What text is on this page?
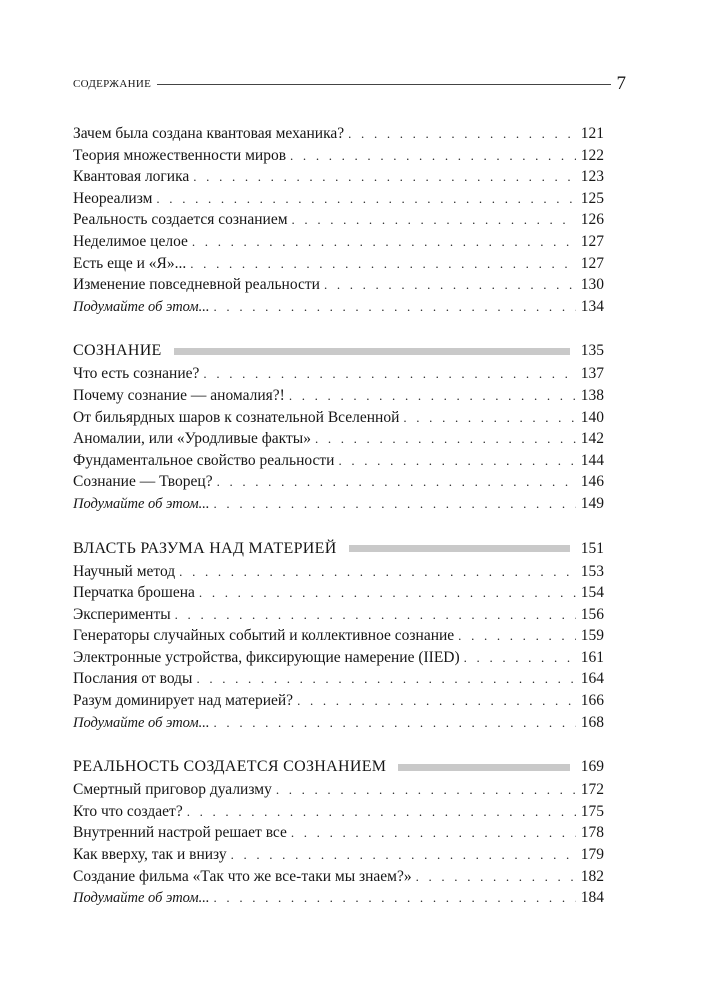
СОДЕРЖАНИЕ	7
Зачем была создана квантовая механика? . . .	121
Теория множественности миров . . .	122
Квантовая логика . . .	123
Неореализм . . .	125
Реальность создается сознанием . . .	126
Неделимое целое . . .	127
Есть еще и «Я»... . . .	127
Изменение повседневной реальности . . .	130
Подумайте об этом... . . .	134
СОЗНАНИЕ	135
Что есть сознание? . . .	137
Почему сознание — аномалия?! . . .	138
От бильярдных шаров к сознательной Вселенной . . .	140
Аномалии, или «Уродливые факты» . . .	142
Фундаментальное свойство реальности . . .	144
Сознание — Творец? . . .	146
Подумайте об этом... . . .	149
ВЛАСТЬ РАЗУМА НАД МАТЕРИЕЙ	151
Научный метод . . .	153
Перчатка брошена . . .	154
Эксперименты . . .	156
Генераторы случайных событий и коллективное сознание . . .	159
Электронные устройства, фиксирующие намерение (IIED) . . .	161
Послания от воды . . .	164
Разум доминирует над материей? . . .	166
Подумайте об этом... . . .	168
РЕАЛЬНОСТЬ СОЗДАЕТСЯ СОЗНАНИЕМ	169
Смертный приговор дуализму . . .	172
Кто что создает? . . .	175
Внутренний настрой решает все . . .	178
Как вверху, так и внизу . . .	179
Создание фильма «Так что же все-таки мы знаем?» . . .	182
Подумайте об этом... . . .	184
